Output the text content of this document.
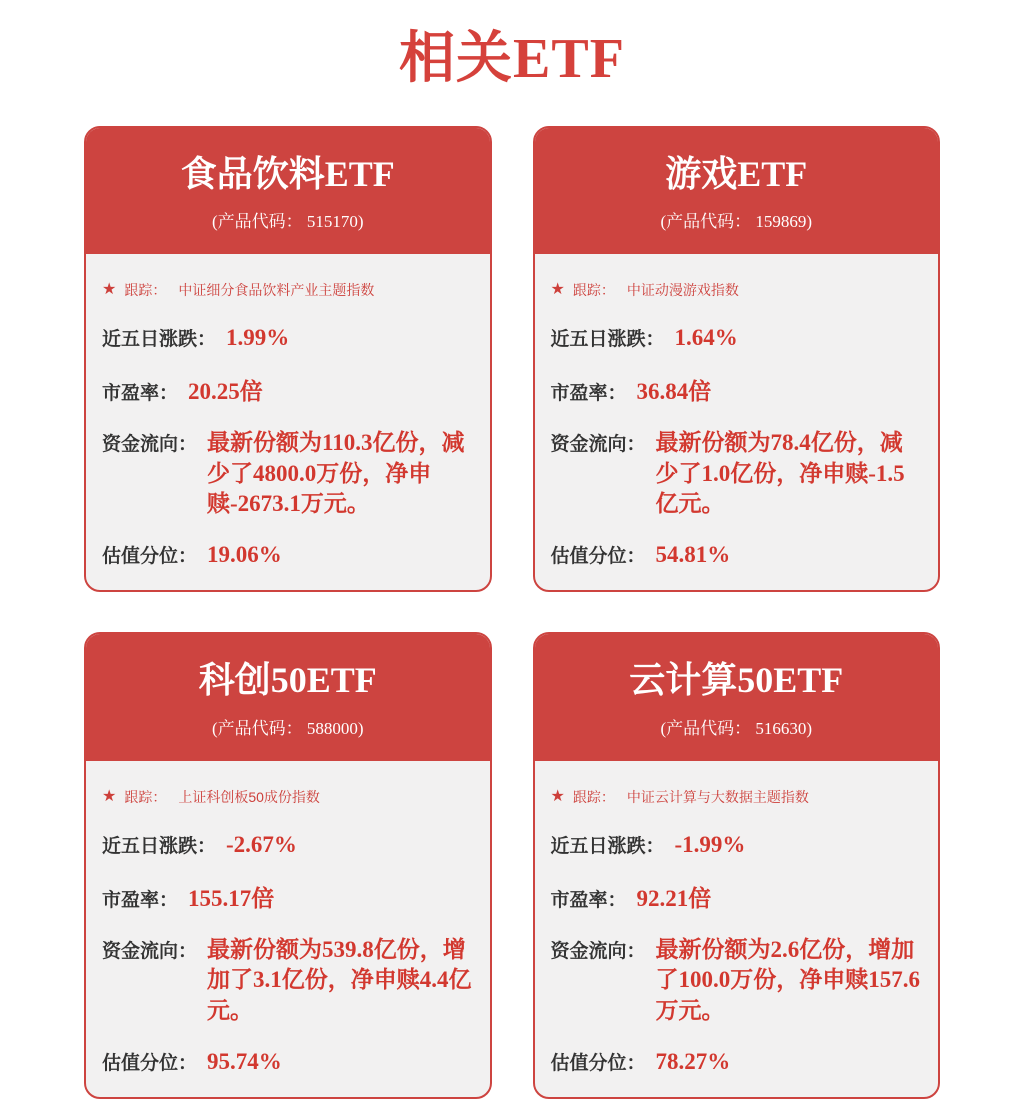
相关ETF
食品饮料ETF
(产品代码： 515170)
★ 跟踪： 中证细分食品饮料产业主题指数
近五日涨跌： 1.99%
市盈率： 20.25倍
资金流向： 最新份额为110.3亿份，减少了4800.0万份，净申赎-2673.1万元。
估值分位： 19.06%
游戏ETF
(产品代码： 159869)
★ 跟踪： 中证动漫游戏指数
近五日涨跌： 1.64%
市盈率： 36.84倍
资金流向： 最新份额为78.4亿份，减少了1.0亿份，净申赎-1.5亿元。
估值分位： 54.81%
科创50ETF
(产品代码： 588000)
★ 跟踪： 上证科创板50成份指数
近五日涨跌： -2.67%
市盈率： 155.17倍
资金流向： 最新份额为539.8亿份，增加了3.1亿份，净申赎4.4亿元。
估值分位： 95.74%
云计算50ETF
(产品代码： 516630)
★ 跟踪： 中证云计算与大数据主题指数
近五日涨跌： -1.99%
市盈率： 92.21倍
资金流向： 最新份额为2.6亿份，增加了100.0万份，净申赎157.6万元。
估值分位： 78.27%
